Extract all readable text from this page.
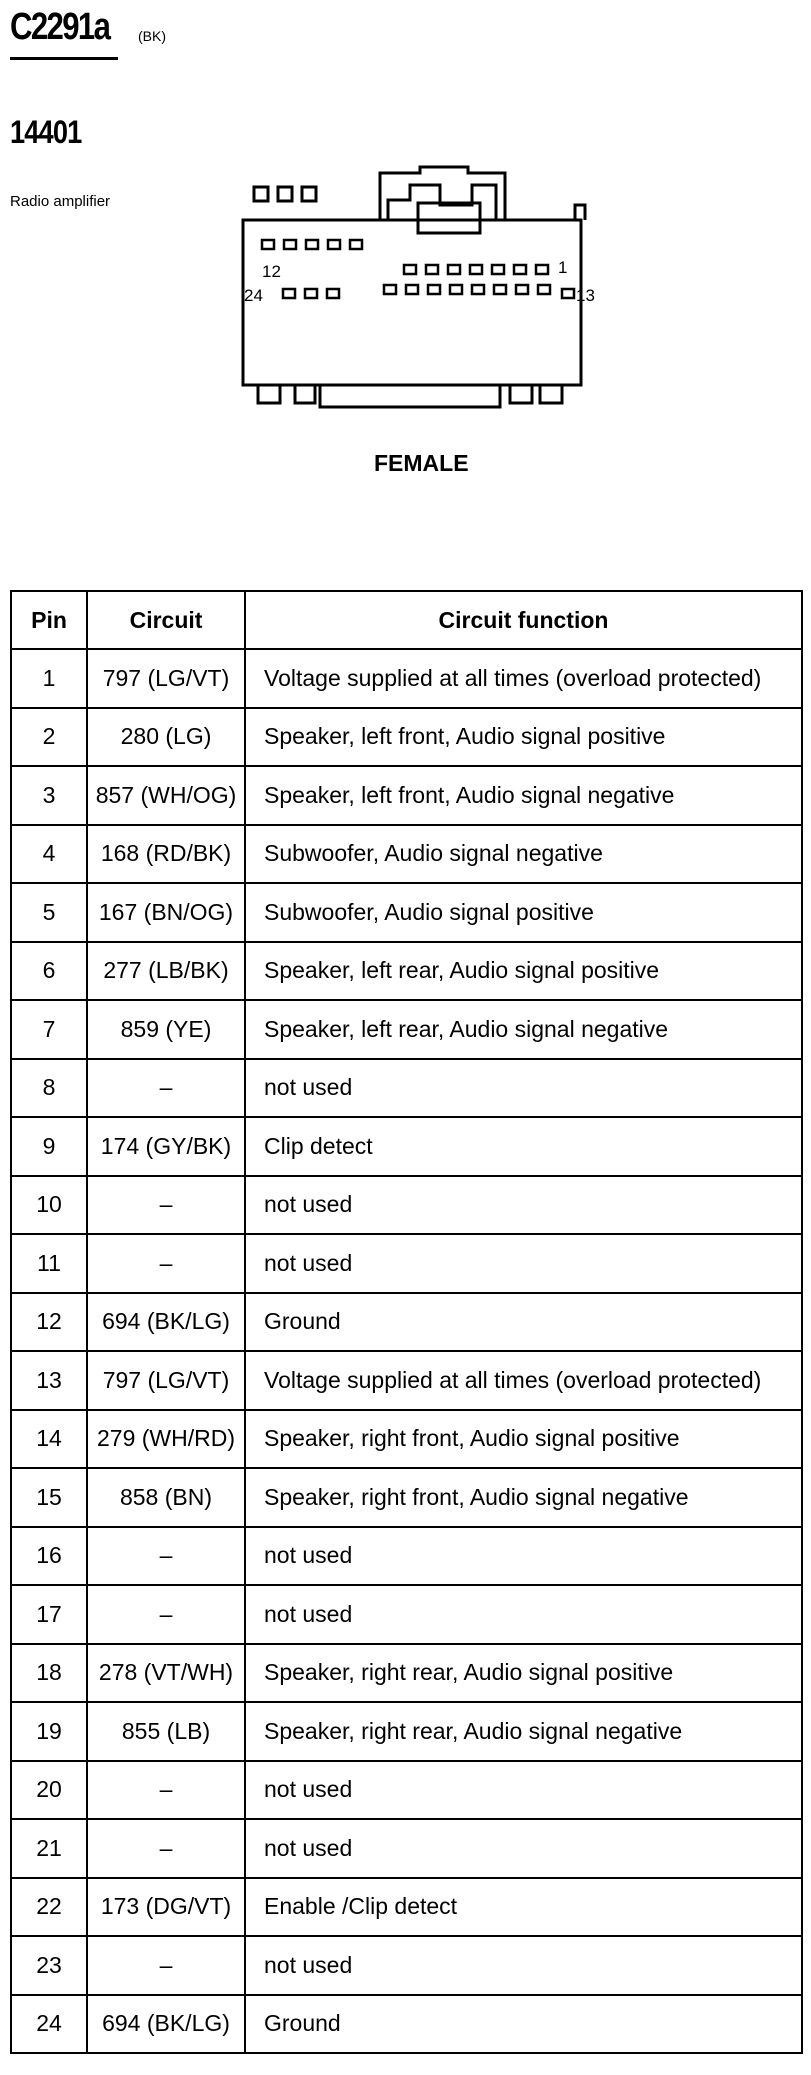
C2291a (BK)
14401
Radio amplifier
12	1
24	13
FEMALE
Pin	Circuit	Circuit function
1	797 (LG/VT)	Voltage supplied at all times (overload protected)
2	280 (LG)	Speaker, left front, Audio signal positive
3	857 (WH/OG)	Speaker, left front, Audio signal negative
4	168 (RD/BK)	Subwoofer, Audio signal negative
5	167 (BN/OG)	Subwoofer, Audio signal positive
6	277 (LB/BK)	Speaker, left rear, Audio signal positive
7	859 (YE)	Speaker, left rear, Audio signal negative
8	–	not used
9	174 (GY/BK)	Clip detect
10	–	not used
11	–	not used
12	694 (BK/LG)	Ground
13	797 (LG/VT)	Voltage supplied at all times (overload protected)
14	279 (WH/RD)	Speaker, right front, Audio signal positive
15	858 (BN)	Speaker, right front, Audio signal negative
16	–	not used
17	–	not used
18	278 (VT/WH)	Speaker, right rear, Audio signal positive
19	855 (LB)	Speaker, right rear, Audio signal negative
20	–	not used
21	–	not used
22	173 (DG/VT)	Enable /Clip detect
23	–	not used
24	694 (BK/LG)	Ground
